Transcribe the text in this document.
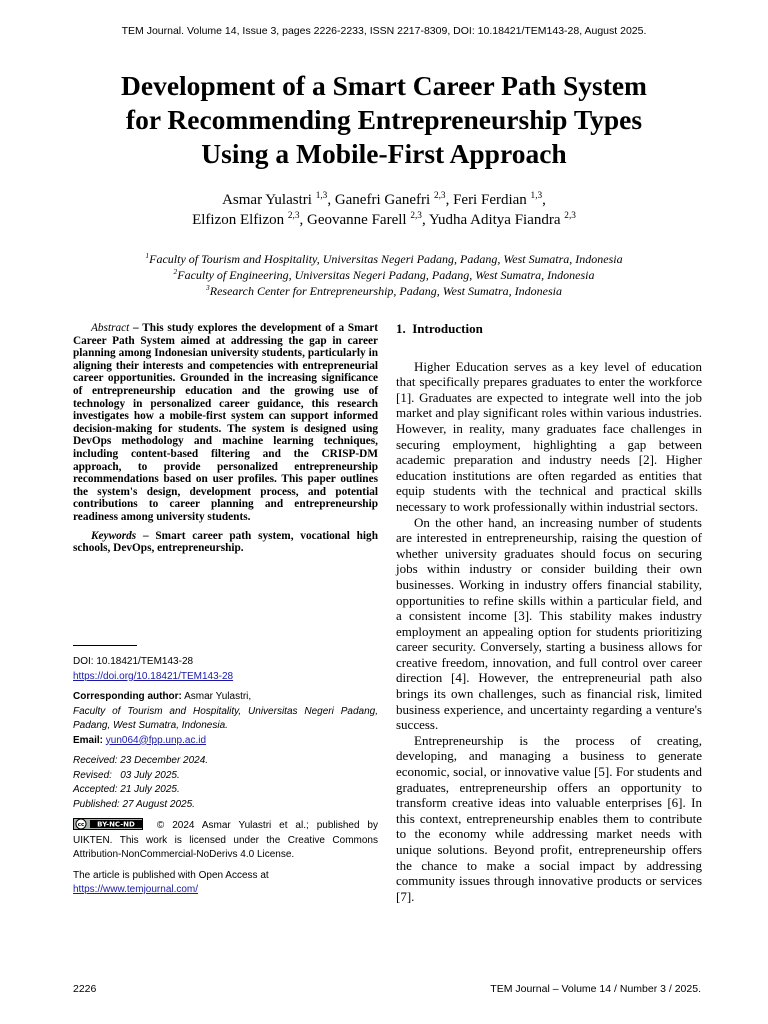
TEM Journal. Volume 14, Issue 3, pages 2226-2233, ISSN 2217-8309, DOI: 10.18421/TEM143-28, August 2025.
Development of a Smart Career Path System
for Recommending Entrepreneurship Types
Using a Mobile-First Approach
Asmar Yulastri $^{1,3}$, Ganefri Ganefri $^{2,3}$, Feri Ferdian $^{1,3}$,
Elfizon Elfizon $^{2,3}$, Geovanne Farell $^{2,3}$, Yudha Aditya Fiandra $^{2,3}$
$^1$Faculty of Tourism and Hospitality, Universitas Negeri Padang, Padang, West Sumatra, Indonesia
$^2$Faculty of Engineering, Universitas Negeri Padang, Padang, West Sumatra, Indonesia
$^3$Research Center for Entrepreneurship, Padang, West Sumatra, Indonesia

Abstract – This study explores the development of a Smart Career Path System aimed at addressing the gap in career planning among Indonesian university students, particularly in aligning their interests and competencies with entrepreneurial career opportunities. Grounded in the increasing significance of entrepreneurship education and the growing use of technology in personalized career guidance, this research investigates how a mobile-first system can support informed decision-making for students. The system is designed using DevOps methodology and machine learning techniques, including content-based filtering and the CRISP-DM approach, to provide personalized entrepreneurship recommendations based on user profiles. This paper outlines the system's design, development process, and potential contributions to career planning and entrepreneurship readiness among university students.

Keywords – Smart career path system, vocational high schools, DevOps, entrepreneurship.

DOI: 10.18421/TEM143-28

https://doi.org/10.18421/TEM143-28

Corresponding author: Asmar Yulastri,

Faculty of Tourism and Hospitality, Universitas Negeri Padang, Padang, West Sumatra, Indonesia.

Email: yun064@fpp.unp.ac.id

Received: 23 December 2024.

Revised:   03 July 2025.

Accepted: 21 July 2025.

Published: 27 August 2025.

cc BY-NC-ND © 2024 Asmar Yulastri et al.; published by UIKTEN. This work is licensed under the Creative Commons Attribution-NonCommercial-NoDerivs 4.0 License.

The article is published with Open Access at

https://www.temjournal.com/

1. Introduction

Higher Education serves as a key level of education that specifically prepares graduates to enter the workforce [1]. Graduates are expected to integrate well into the job market and play significant roles within various industries. However, in reality, many graduates face challenges in securing employment, highlighting a gap between academic preparation and industry needs [2]. Higher education institutions are often regarded as entities that equip students with the technical and practical skills necessary to work professionally within industrial sectors.

On the other hand, an increasing number of students are interested in entrepreneurship, raising the question of whether university graduates should focus on securing jobs within industry or consider building their own businesses. Working in industry offers financial stability, opportunities to refine skills within a particular field, and a consistent income [3]. This stability makes industry employment an appealing option for students prioritizing career security. Conversely, starting a business allows for creative freedom, innovation, and full control over career direction [4]. However, the entrepreneurial path also brings its own challenges, such as financial risk, limited business experience, and uncertainty regarding a venture's success.

Entrepreneurship is the process of creating, developing, and managing a business to generate economic, social, or innovative value [5]. For students and graduates, entrepreneurship offers an opportunity to transform creative ideas into valuable enterprises [6]. In this context, entrepreneurship enables them to contribute to the economy while addressing market needs with unique solutions. Beyond profit, entrepreneurship offers the chance to make a social impact by addressing community issues through innovative products or services [7].

2226	TEM Journal – Volume 14 / Number 3 / 2025.
